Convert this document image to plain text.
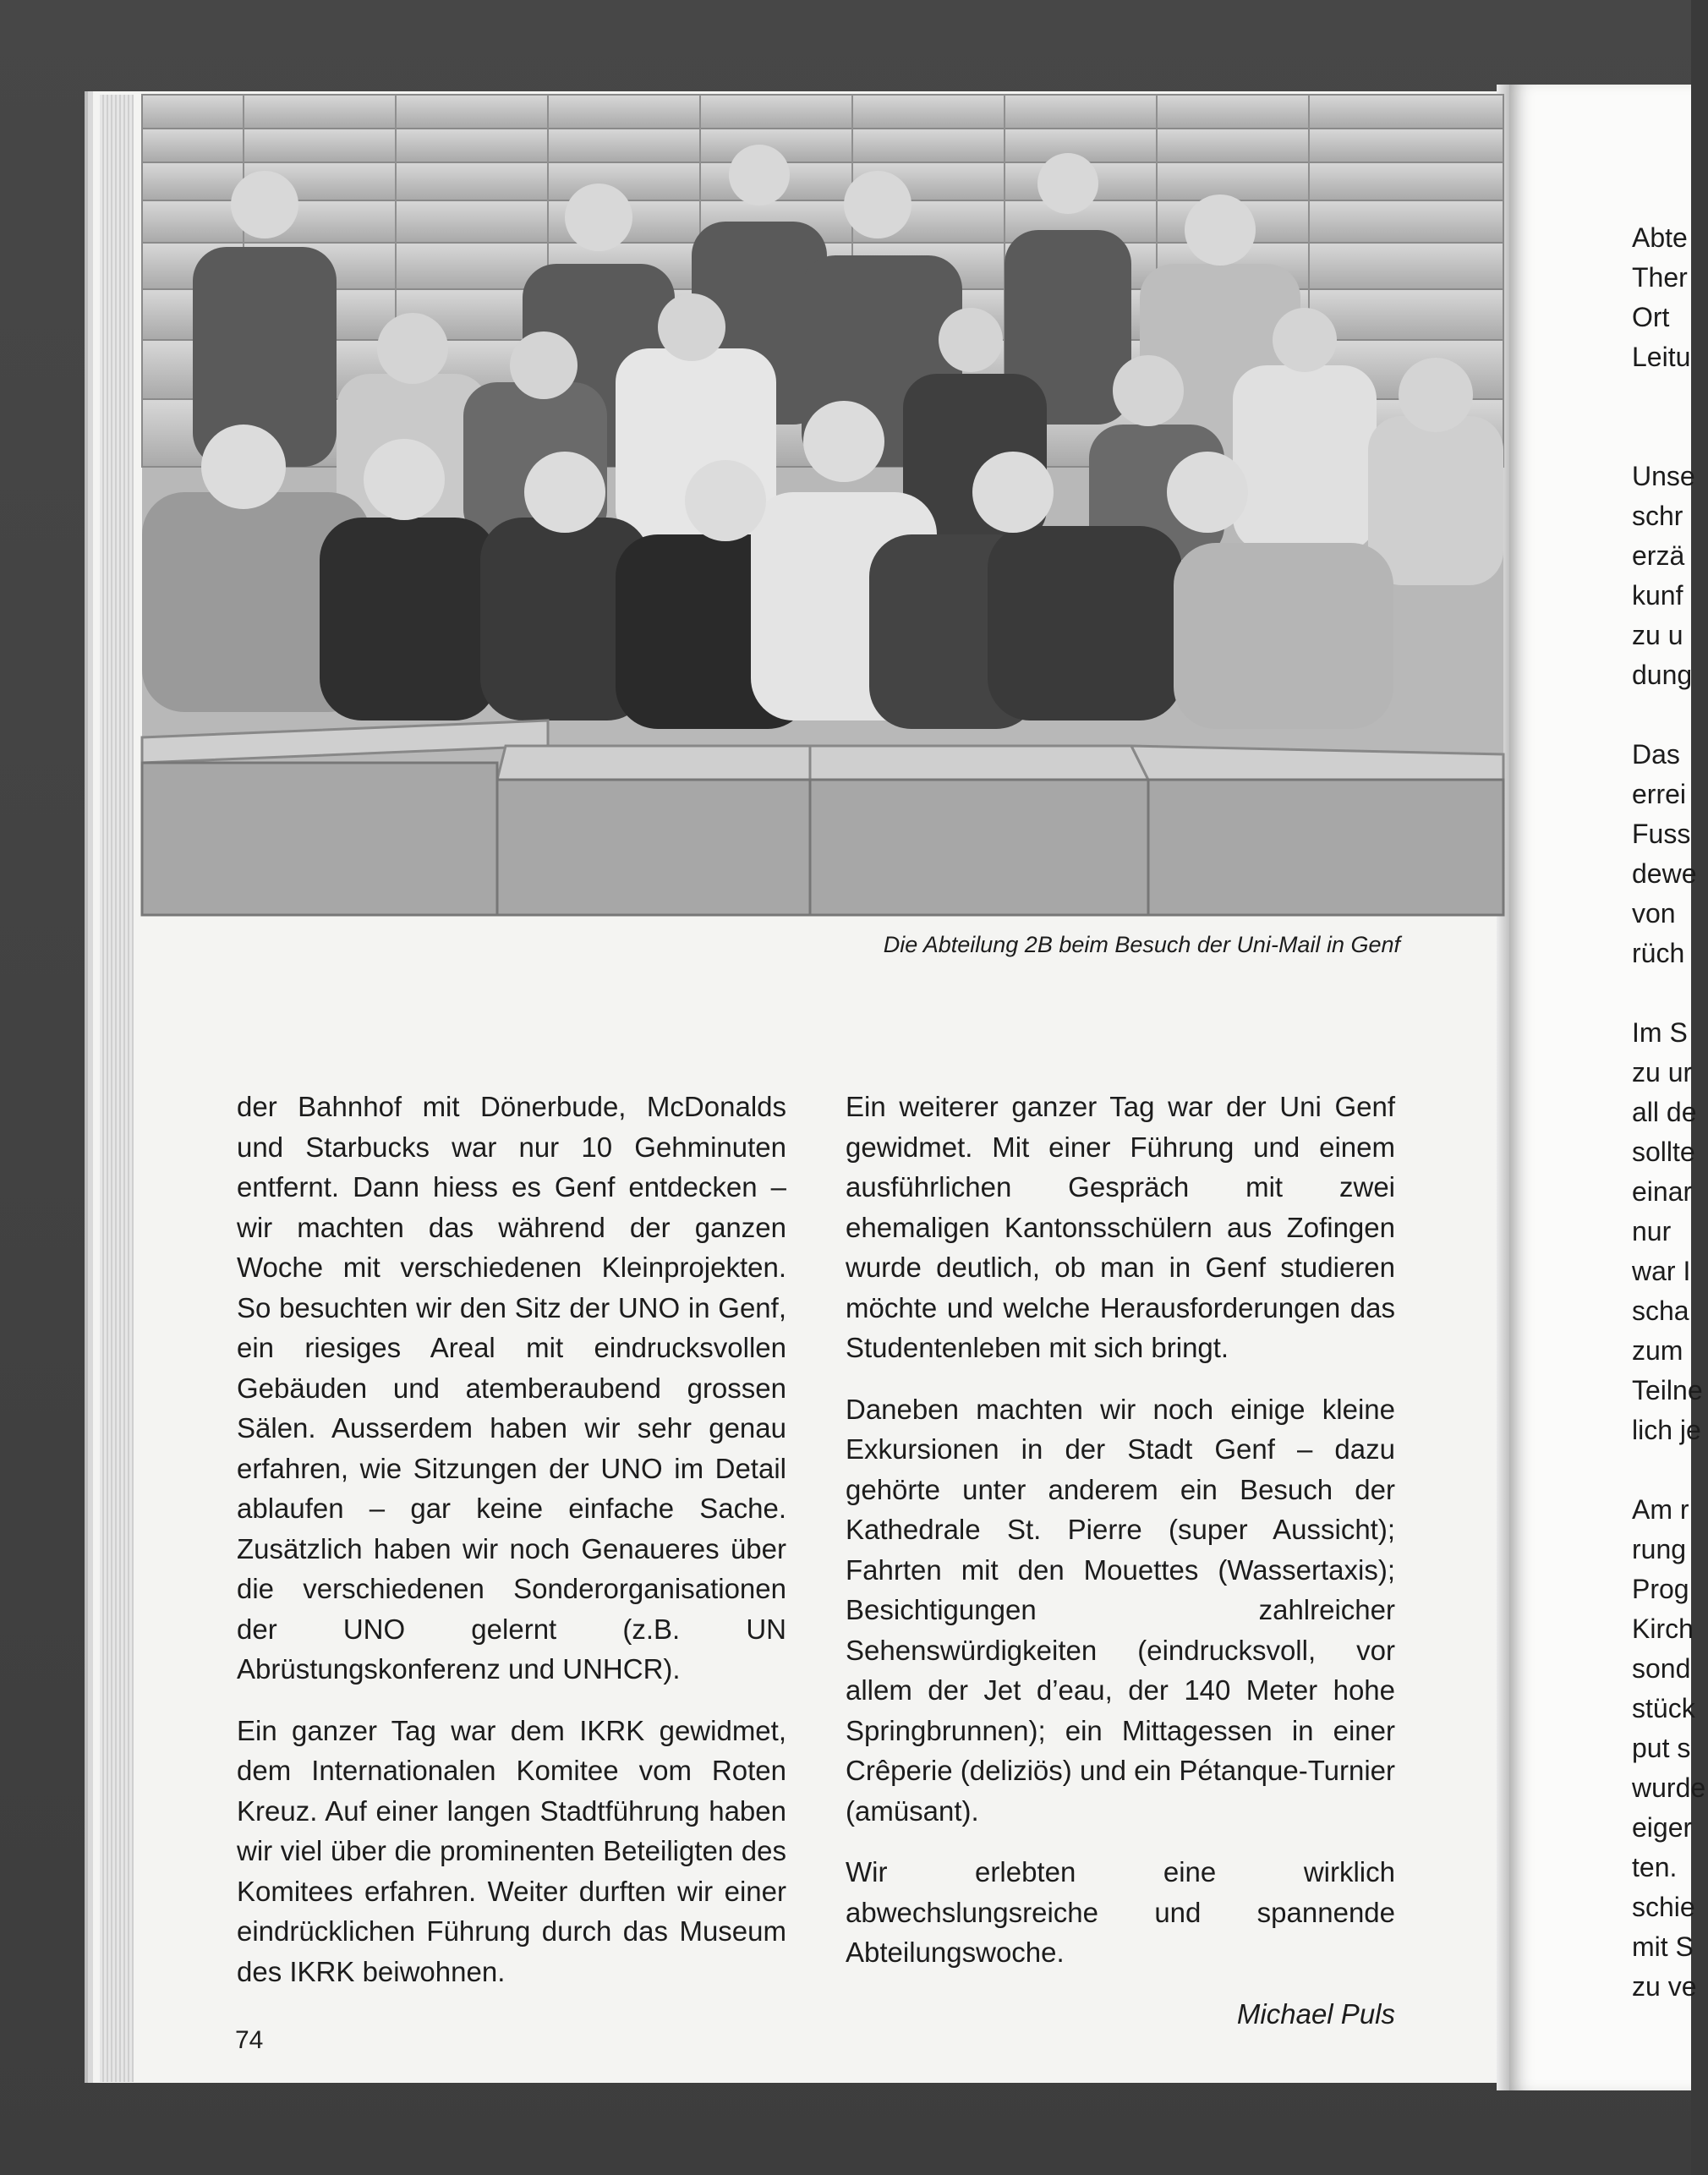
Die Abteilung 2B beim Besuch der Uni-Mail in Genf

der Bahnhof mit Dönerbude, McDonalds und Starbucks war nur 10 Gehminuten entfernt. Dann hiess es Genf entdecken – wir machten das während der ganzen Woche mit verschiedenen Kleinprojekten. So besuchten wir den Sitz der UNO in Genf, ein riesiges Areal mit eindrucksvollen Gebäuden und atemberaubend grossen Sälen. Ausserdem haben wir sehr genau erfahren, wie Sitzungen der UNO im Detail ablaufen – gar keine einfache Sache. Zusätzlich haben wir noch Genaueres über die verschiedenen Sonderorganisationen der UNO gelernt (z.B. UN Abrüstungskonferenz und UNHCR).

Ein ganzer Tag war dem IKRK gewidmet, dem Internationalen Komitee vom Roten Kreuz. Auf einer langen Stadtführung haben wir viel über die prominenten Beteiligten des Komitees erfahren. Weiter durften wir einer eindrücklichen Führung durch das Museum des IKRK beiwohnen.

Ein weiterer ganzer Tag war der Uni Genf gewidmet. Mit einer Führung und einem ausführlichen Gespräch mit zwei ehemaligen Kantonsschülern aus Zofingen wurde deutlich, ob man in Genf studieren möchte und welche Herausforderungen das Studentenleben mit sich bringt.

Daneben machten wir noch einige kleine Exkursionen in der Stadt Genf – dazu gehörte unter anderem ein Besuch der Kathedrale St. Pierre (super Aussicht); Fahrten mit den Mouettes (Wassertaxis); Besichtigungen zahlreicher Sehenswürdigkeiten (eindrucksvoll, vor allem der Jet d’eau, der 140 Meter hohe Springbrunnen); ein Mittagessen in einer Crêperie (deliziös) und ein Pétanque-Turnier (amüsant).

Wir erlebten eine wirklich abwechslungsreiche und spannende Abteilungswoche.

Michael Puls

74
Abte
Ther
Ort
Leitu

Unse
schr
erzä
kunf
zu u
dung

Das
errei
Fuss
dewe
von
rüch

Im S
zu ur
all de
sollte
einar
nur
war I
scha
zum
Teilne
lich je

Am r
rung
Prog
Kirch
sond
stück
put s
wurde
eiger
ten.
schie
mit S
zu ve
